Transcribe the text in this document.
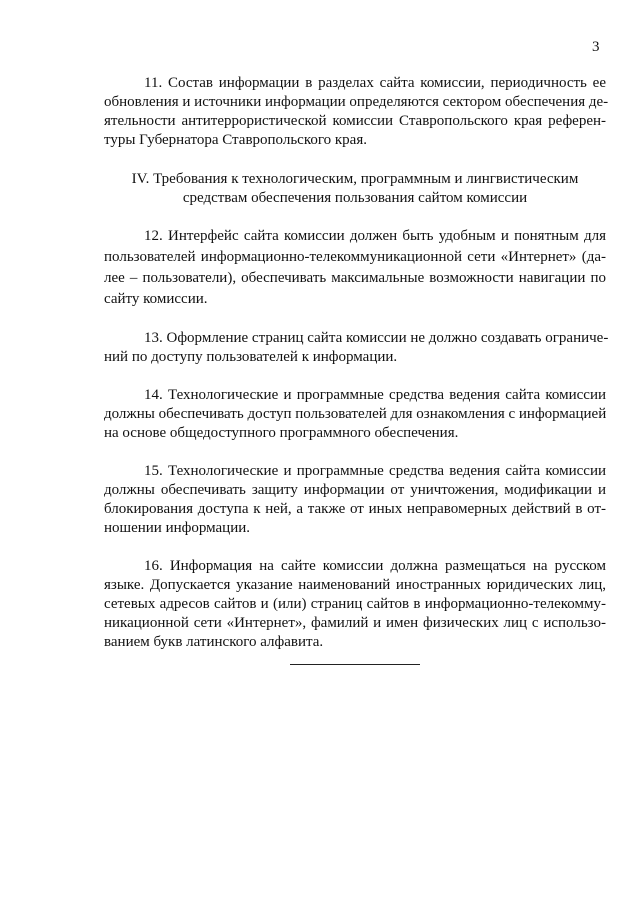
3
11. Состав информации в разделах сайта комиссии, периодичность ее
обновления и источники информации определяются сектором обеспечения де-
ятельности антитеррористической комиссии Ставропольского края референ-
туры Губернатора Ставропольского края.
IV. Требования к технологическим, программным и лингвистическим
средствам обеспечения пользования сайтом комиссии
12. Интерфейс сайта комиссии должен быть удобным и понятным для
пользователей информационно-телекоммуникационной сети «Интернет» (да-
лее – пользователи), обеспечивать максимальные возможности навигации по
сайту комиссии.
13. Оформление страниц сайта комиссии не должно создавать ограниче-
ний по доступу пользователей к информации.
14. Технологические и программные средства ведения сайта комиссии
должны обеспечивать доступ пользователей для ознакомления с информацией
на основе общедоступного программного обеспечения.
15. Технологические и программные средства ведения сайта комиссии
должны обеспечивать защиту информации от уничтожения, модификации и
блокирования доступа к ней, а также от иных неправомерных действий в от-
ношении информации.
16. Информация на сайте комиссии должна размещаться на русском
языке. Допускается указание наименований иностранных юридических лиц,
сетевых адресов сайтов и (или) страниц сайтов в информационно-телекомму-
никационной сети «Интернет», фамилий и имен физических лиц с использо-
ванием букв латинского алфавита.
